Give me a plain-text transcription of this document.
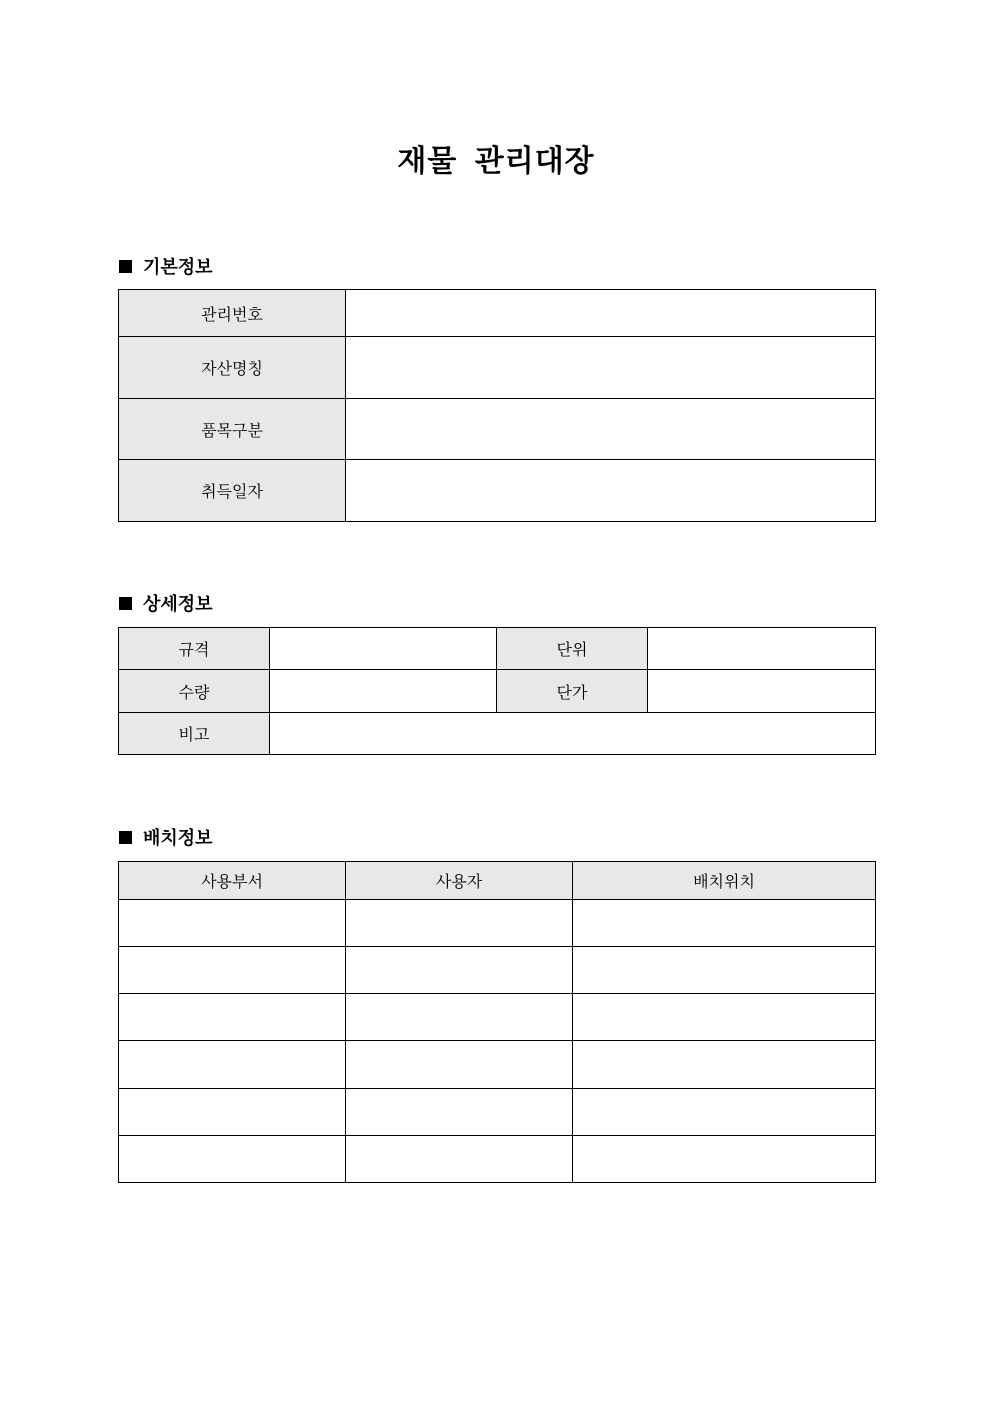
재물 관리대장
기본정보
관리번호	
자산명칭	
품목구분	
취득일자	
상세정보
규격		단위	
수량		단가	
비고			
배치정보
사용부서	사용자	배치위치
